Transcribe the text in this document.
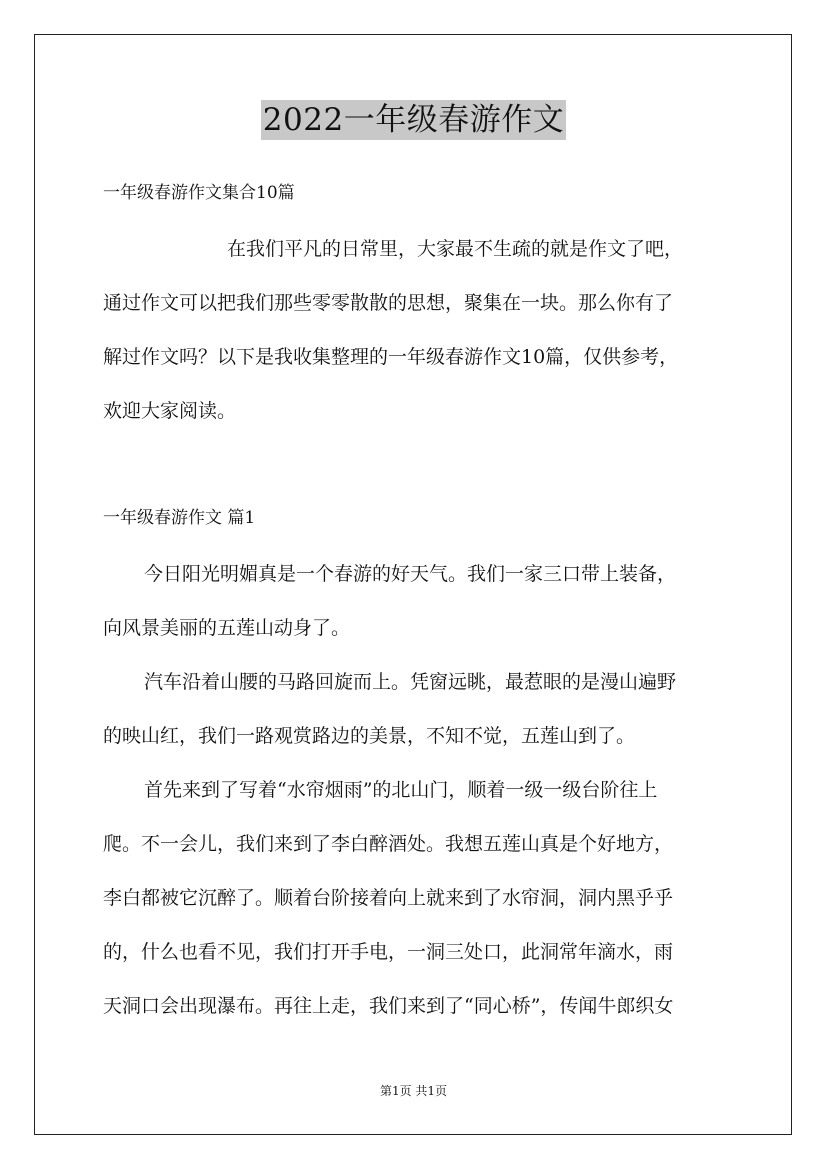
2022一年级春游作文
一年级春游作文集合10篇
在我们平凡的日常里，大家最不生疏的就是作文了吧，
通过作文可以把我们那些零零散散的思想，聚集在一块。那么你有了
解过作文吗？以下是我收集整理的一年级春游作文10篇，仅供参考，
欢迎大家阅读。
一年级春游作文 篇1
今日阳光明媚真是一个春游的好天气。我们一家三口带上装备，
向风景美丽的五莲山动身了。
汽车沿着山腰的马路回旋而上。凭窗远眺，最惹眼的是漫山遍野
的映山红，我们一路观赏路边的美景，不知不觉，五莲山到了。
首先来到了写着“水帘烟雨”的北山门，顺着一级一级台阶往上
爬。不一会儿，我们来到了李白醉酒处。我想五莲山真是个好地方，
李白都被它沉醉了。顺着台阶接着向上就来到了水帘洞，洞内黑乎乎
的，什么也看不见，我们打开手电，一洞三处口，此洞常年滴水，雨
天洞口会出现瀑布。再往上走，我们来到了“同心桥”，传闻牛郎织女
第1页 共1页
